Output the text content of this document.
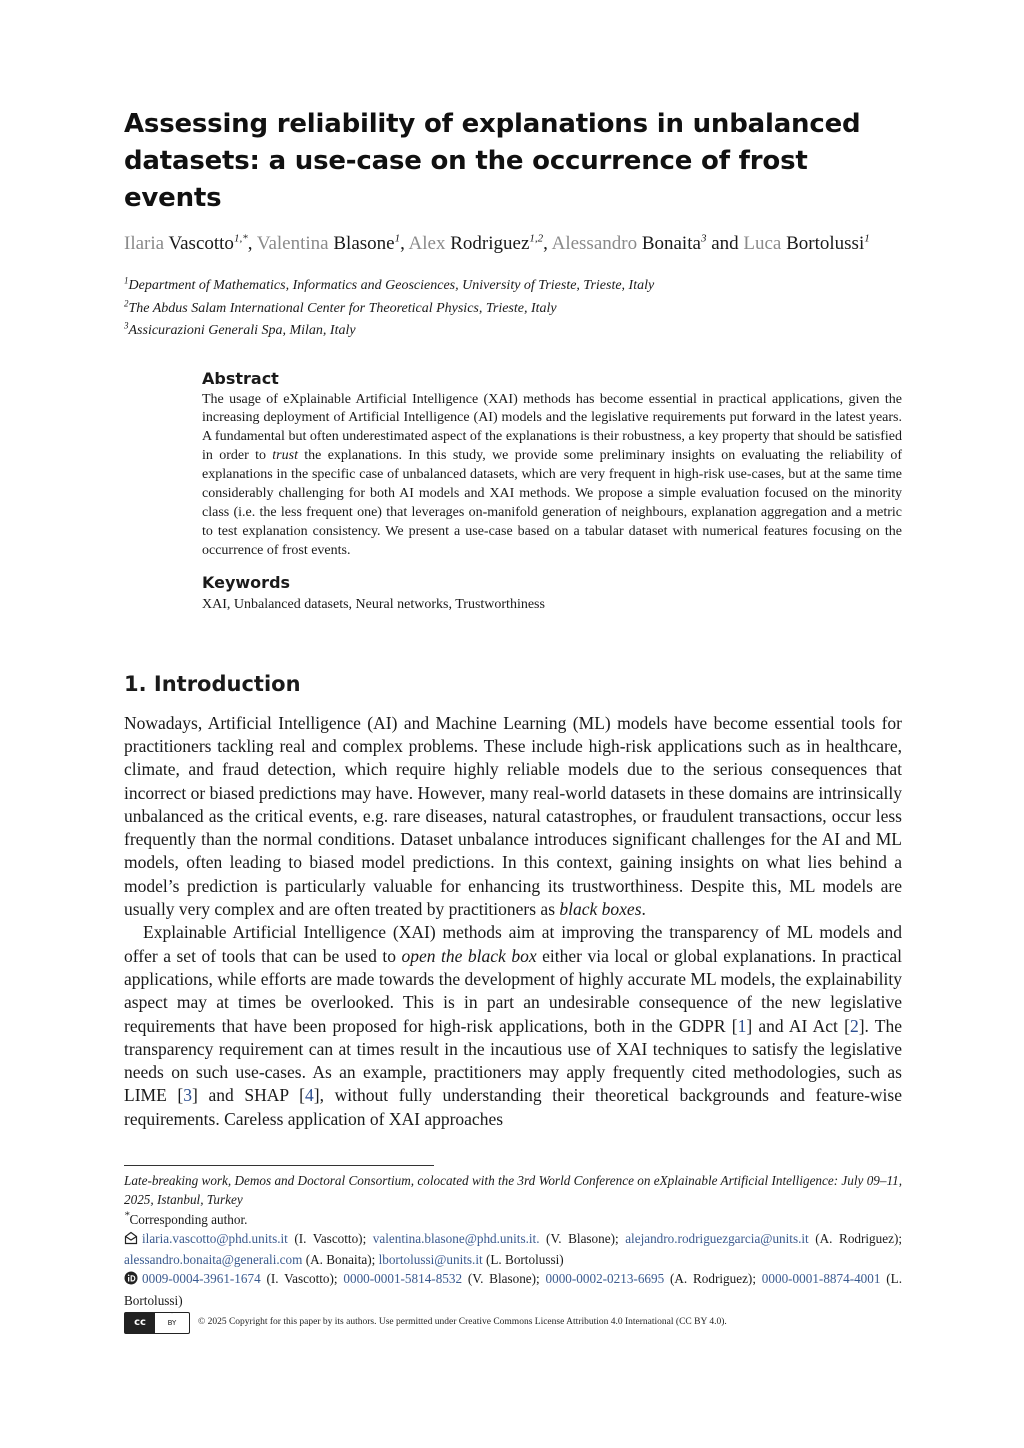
Assessing reliability of explanations in unbalanced datasets: a use-case on the occurrence of frost events

Ilaria Vascotto$^{1,*}$, Valentina Blasone$^1$, Alex Rodriguez$^{1,2}$, Alessandro Bonaita$^3$ and Luca Bortolussi$^1$

$^1$Department of Mathematics, Informatics and Geosciences, University of Trieste, Trieste, Italy

$^2$The Abdus Salam International Center for Theoretical Physics, Trieste, Italy

$^3$Assicurazioni Generali Spa, Milan, Italy

Abstract

The usage of eXplainable Artificial Intelligence (XAI) methods has become essential in practical applications, given the increasing deployment of Artificial Intelligence (AI) models and the legislative requirements put forward in the latest years. A fundamental but often underestimated aspect of the explanations is their robustness, a key property that should be satisfied in order to trust the explanations. In this study, we provide some preliminary insights on evaluating the reliability of explanations in the specific case of unbalanced datasets, which are very frequent in high-risk use-cases, but at the same time considerably challenging for both AI models and XAI methods. We propose a simple evaluation focused on the minority class (i.e. the less frequent one) that leverages on-manifold generation of neighbours, explanation aggregation and a metric to test explanation consistency. We present a use-case based on a tabular dataset with numerical features focusing on the occurrence of frost events.

Keywords

XAI, Unbalanced datasets, Neural networks, Trustworthiness

1. Introduction

Nowadays, Artificial Intelligence (AI) and Machine Learning (ML) models have become essential tools for practitioners tackling real and complex problems. These include high-risk applications such as in healthcare, climate, and fraud detection, which require highly reliable models due to the serious consequences that incorrect or biased predictions may have. However, many real-world datasets in these domains are intrinsically unbalanced as the critical events, e.g. rare diseases, natural catastrophes, or fraudulent transactions, occur less frequently than the normal conditions. Dataset unbalance introduces significant challenges for the AI and ML models, often leading to biased model predictions. In this context, gaining insights on what lies behind a model’s prediction is particularly valuable for enhancing its trustworthiness. Despite this, ML models are usually very complex and are often treated by practitioners as black boxes.

Explainable Artificial Intelligence (XAI) methods aim at improving the transparency of ML models and offer a set of tools that can be used to open the black box either via local or global explanations. In practical applications, while efforts are made towards the development of highly accurate ML models, the explainability aspect may at times be overlooked. This is in part an undesirable consequence of the new legislative requirements that have been proposed for high-risk applications, both in the GDPR [1] and AI Act [2]. The transparency requirement can at times result in the incautious use of XAI techniques to satisfy the legislative needs on such use-cases. As an example, practitioners may apply frequently cited methodologies, such as LIME [3] and SHAP [4], without fully understanding their theoretical backgrounds and feature-wise requirements. Careless application of XAI approaches

Late-breaking work, Demos and Doctoral Consortium, colocated with the 3rd World Conference on eXplainable Artificial Intelligence: July 09–11, 2025, Istanbul, Turkey

*Corresponding author.

ilaria.vascotto@phd.units.it (I. Vascotto); valentina.blasone@phd.units.it. (V. Blasone); alejandro.rodriguezgarcia@units.it (A. Rodriguez); alessandro.bonaita@generali.com (A. Bonaita); lbortolussi@units.it (L. Bortolussi)

0009-0004-3961-1674 (I. Vascotto); 0000-0001-5814-8532 (V. Blasone); 0000-0002-0213-6695 (A. Rodriguez); 0000-0001-8874-4001 (L. Bortolussi)

cc	BY © 2025 Copyright for this paper by its authors. Use permitted under Creative Commons License Attribution 4.0 International (CC BY 4.0).
